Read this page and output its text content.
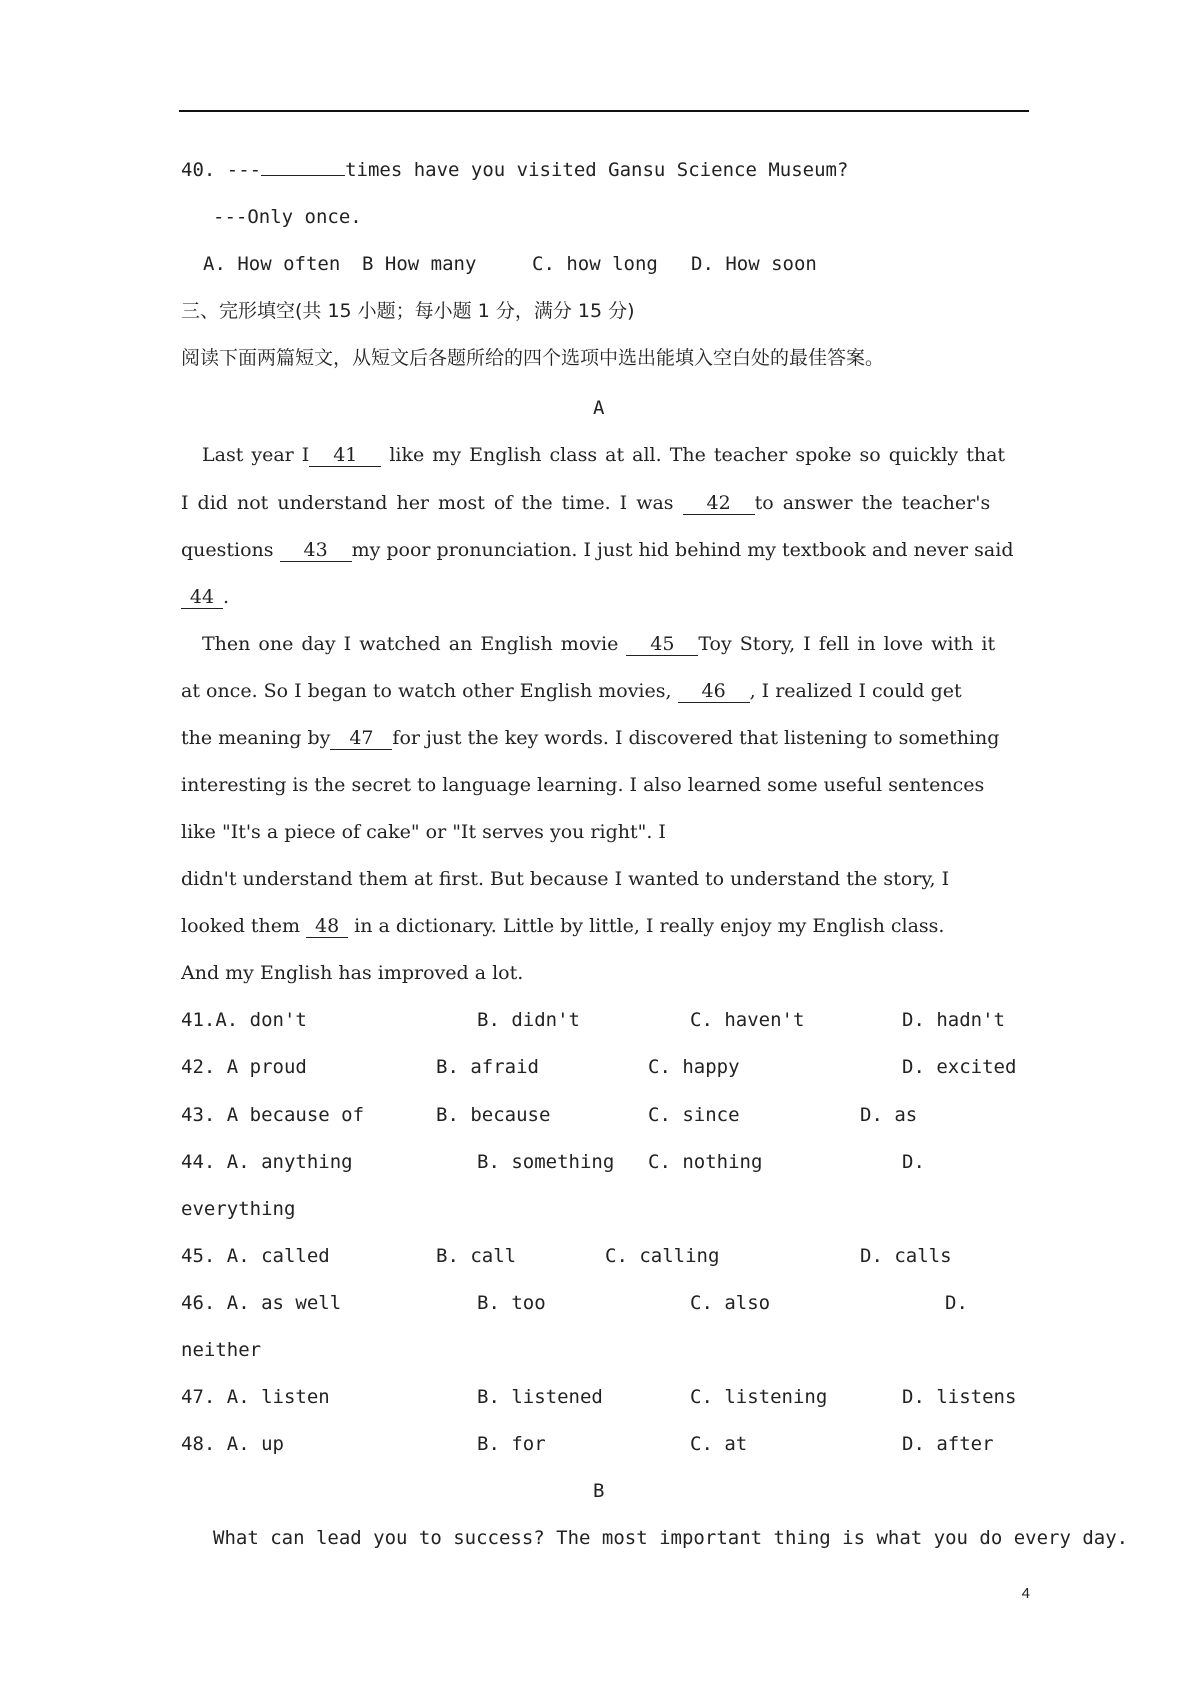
40. ---	times have you visited Gansu Science Museum?
---Only once.
A. How often B How many	C. how long D. How soon
三、完形填空(共 15 小题；每小题 1 分，满分 15 分)
阅读下面两篇短文，从短文后各题所给的四个选项中选出能填入空白处的最佳答案。
A
Last year I 41 like my English class at all. The teacher spoke so quickly that
I did not understand her most of the time. I was 42 to answer the teacher's
questions 43 my poor pronunciation. I just hid behind my textbook and never said
44 .
Then one day I watched an English movie 45 Toy Story, I fell in love with it
at once. So I began to watch other English movies, 46 , I realized I could get
the meaning by 47 for just the key words. I discovered that listening to something
interesting is the secret to language learning. I also learned some useful sentences
like "It's a piece of cake" or "It serves you right". I
didn't understand them at first. But because I wanted to understand the story, I
looked them 48 in a dictionary. Little by little, I really enjoy my English class.
And my English has improved a lot.
41.A. don't	B. didn't	C. haven't	D. hadn't
42. A proud	B. afraid	C. happy	D. excited
43. A because of	B. because	C. since	D. as
44. A. anything	B. something C. nothing	D.
everything
45. A. called	B. call	C. calling	D. calls
46. A. as well	B. too	C. also	D.
neither
47. A. listen	B. listened	C. listening	D. listens
48. A. up	B. for	C. at	D. after
B
What can lead you to success? The most important thing is what you do every day.
4
